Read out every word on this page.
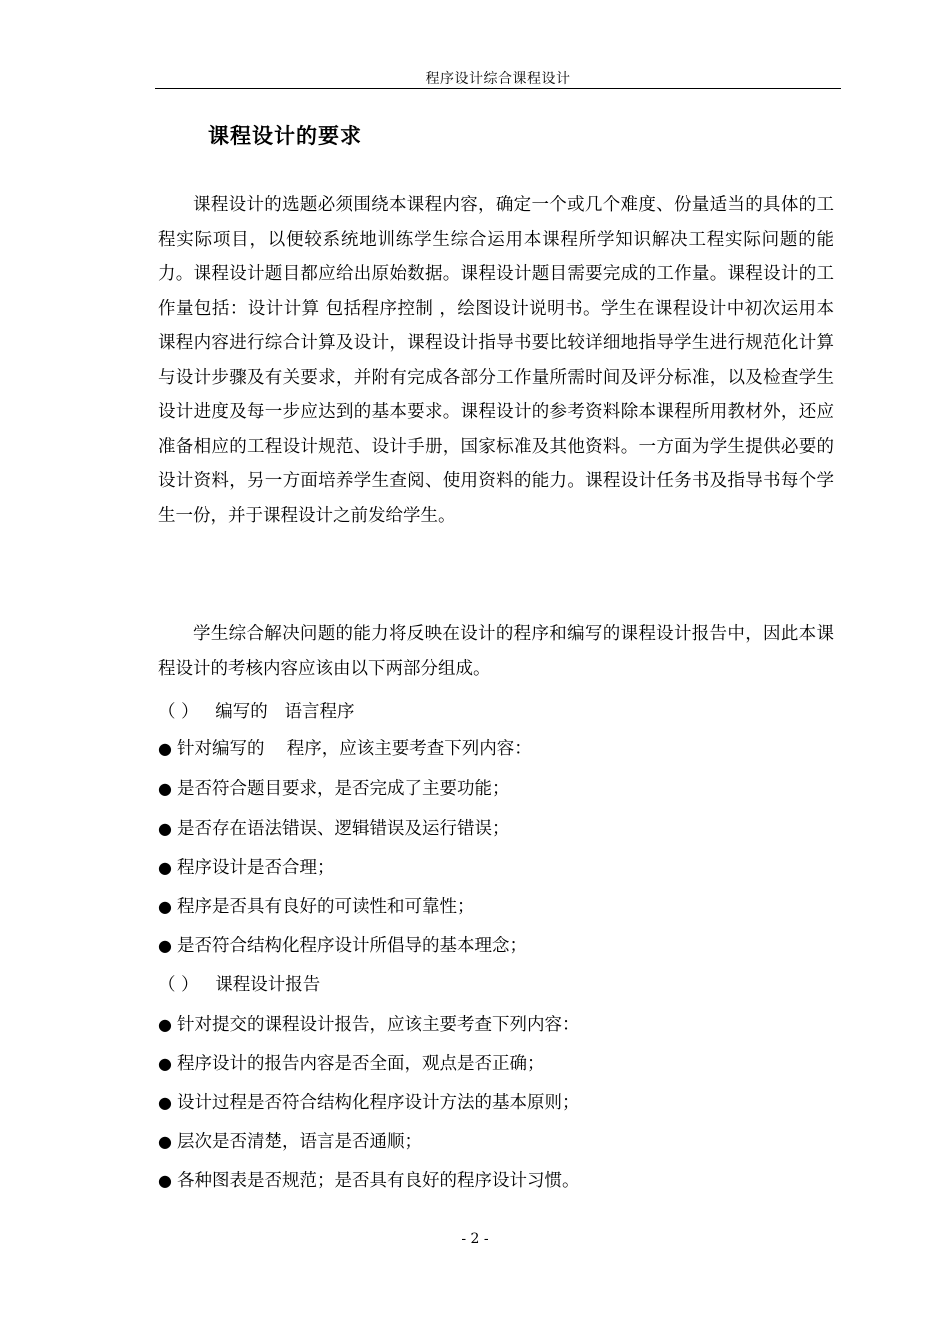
程序设计综合课程设计
课程设计的要求

课程设计的选题必须围绕本课程内容，确定一个或几个难度、份量适当的具体的工程实际项目，以便较系统地训练学生综合运用本课程所学知识解决工程实际问题的能力。课程设计题目都应给出原始数据。课程设计题目需要完成的工作量。课程设计的工作量包括：设计计算 包括程序控制 ，绘图设计说明书。学生在课程设计中初次运用本课程内容进行综合计算及设计，课程设计指导书要比较详细地指导学生进行规范化计算与设计步骤及有关要求，并附有完成各部分工作量所需时间及评分标准，以及检查学生设计进度及每一步应达到的基本要求。课程设计的参考资料除本课程所用教材外，还应准备相应的工程设计规范、设计手册，国家标准及其他资料。一方面为学生提供必要的设计资料，另一方面培养学生查阅、使用资料的能力。课程设计任务书及指导书每个学生一份，并于课程设计之前发给学生。

学生综合解决问题的能力将反映在设计的程序和编写的课程设计报告中，因此本课程设计的考核内容应该由以下两部分组成。

（ ）   编写的   语言程序
● 针对编写的    程序，应该主要考查下列内容：
● 是否符合题目要求，是否完成了主要功能；
● 是否存在语法错误、逻辑错误及运行错误；
● 程序设计是否合理；
● 程序是否具有良好的可读性和可靠性；
● 是否符合结构化程序设计所倡导的基本理念；
（ ）   课程设计报告
● 针对提交的课程设计报告，应该主要考查下列内容：
● 程序设计的报告内容是否全面，观点是否正确；
● 设计过程是否符合结构化程序设计方法的基本原则；
● 层次是否清楚，语言是否通顺；
● 各种图表是否规范；是否具有良好的程序设计习惯。
- 2 -
